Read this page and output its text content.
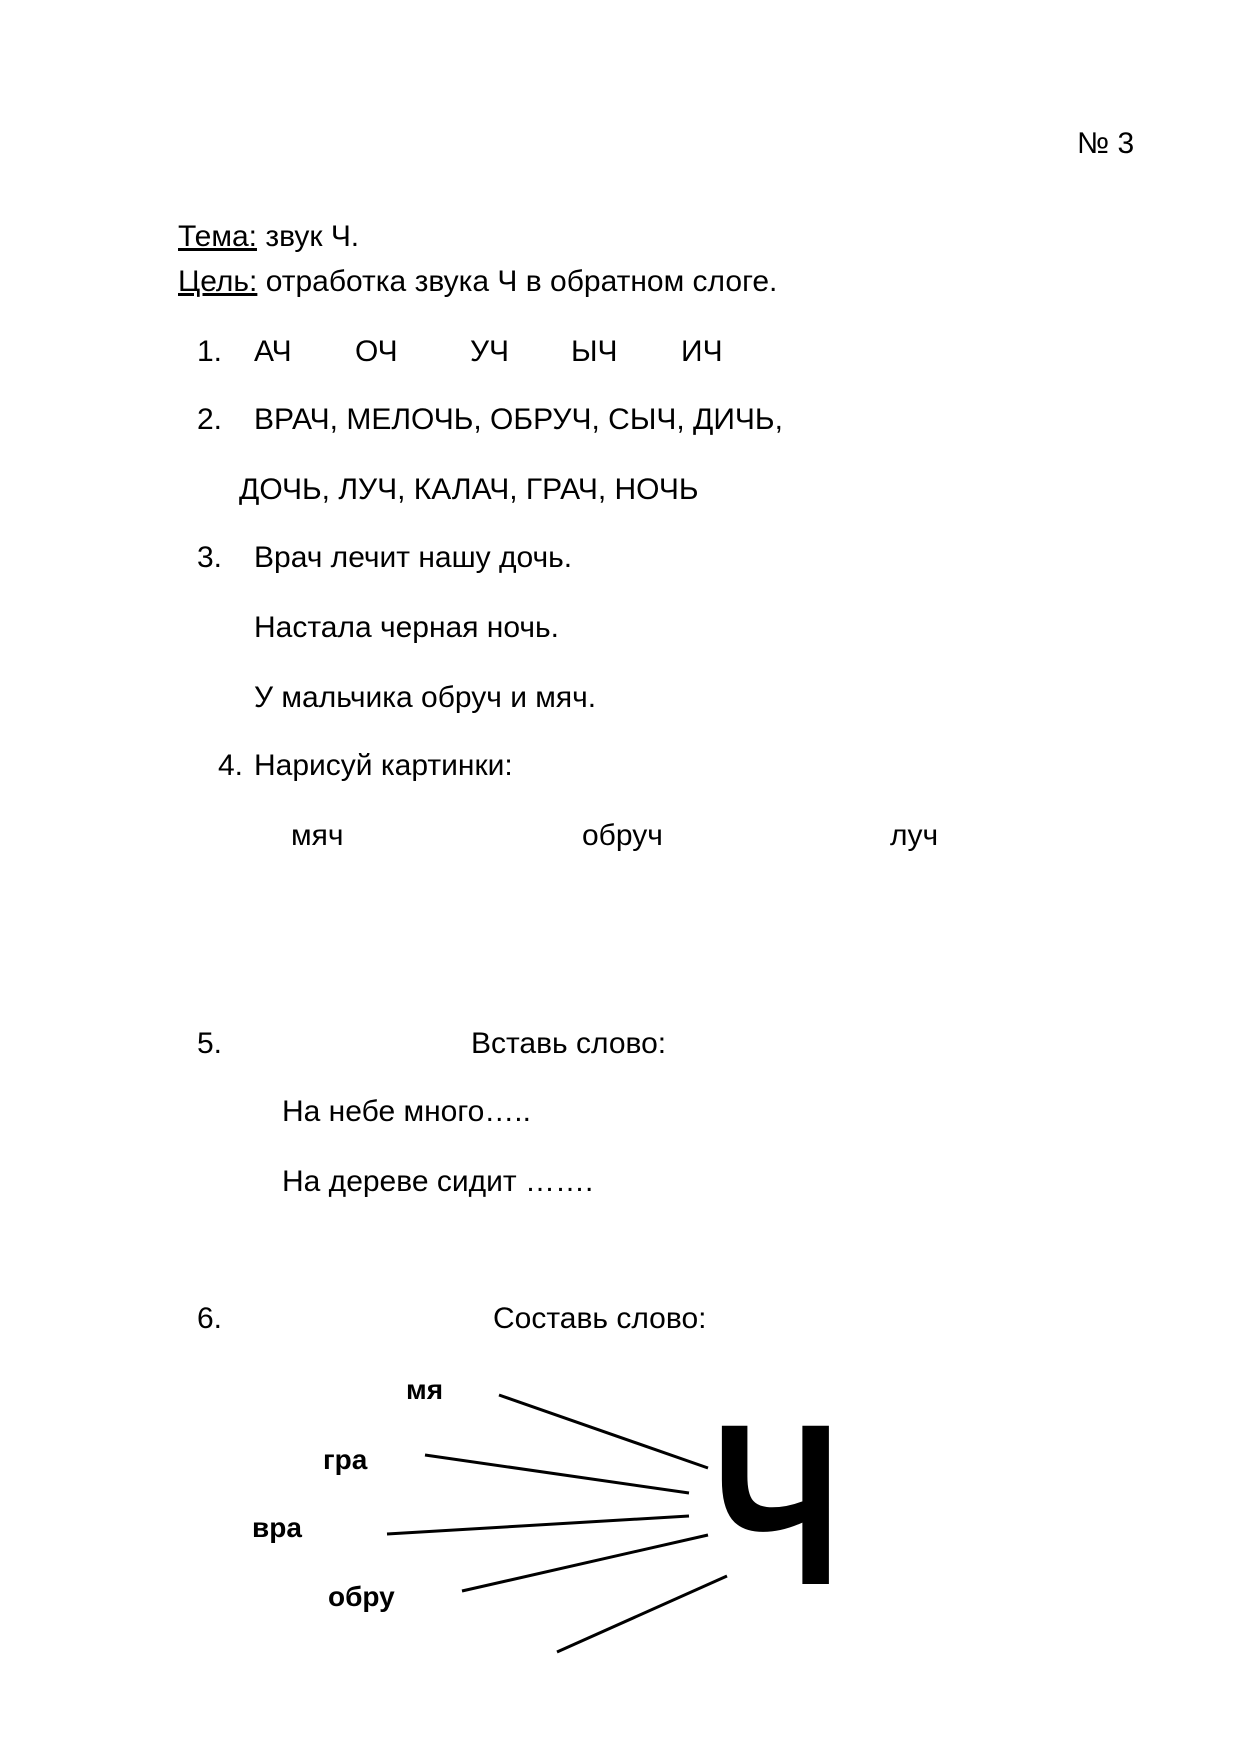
№ 3
Тема: звук Ч.
Цель: отработка звука Ч в обратном слоге.
1. АЧ ОЧ УЧ ЫЧ ИЧ
2. ВРАЧ, МЕЛОЧЬ, ОБРУЧ, СЫЧ, ДИЧЬ,
ДОЧЬ, ЛУЧ, КАЛАЧ, ГРАЧ, НОЧЬ
3. Врач лечит нашу дочь.
Настала черная ночь.
У мальчика обруч и мяч.
4. Нарисуй картинки:
мяч	обруч	луч
5.	Вставь слово:
На небе много…..
На дереве сидит …….
6.	Составь слово:
мя
гра
вра
обру Ч
